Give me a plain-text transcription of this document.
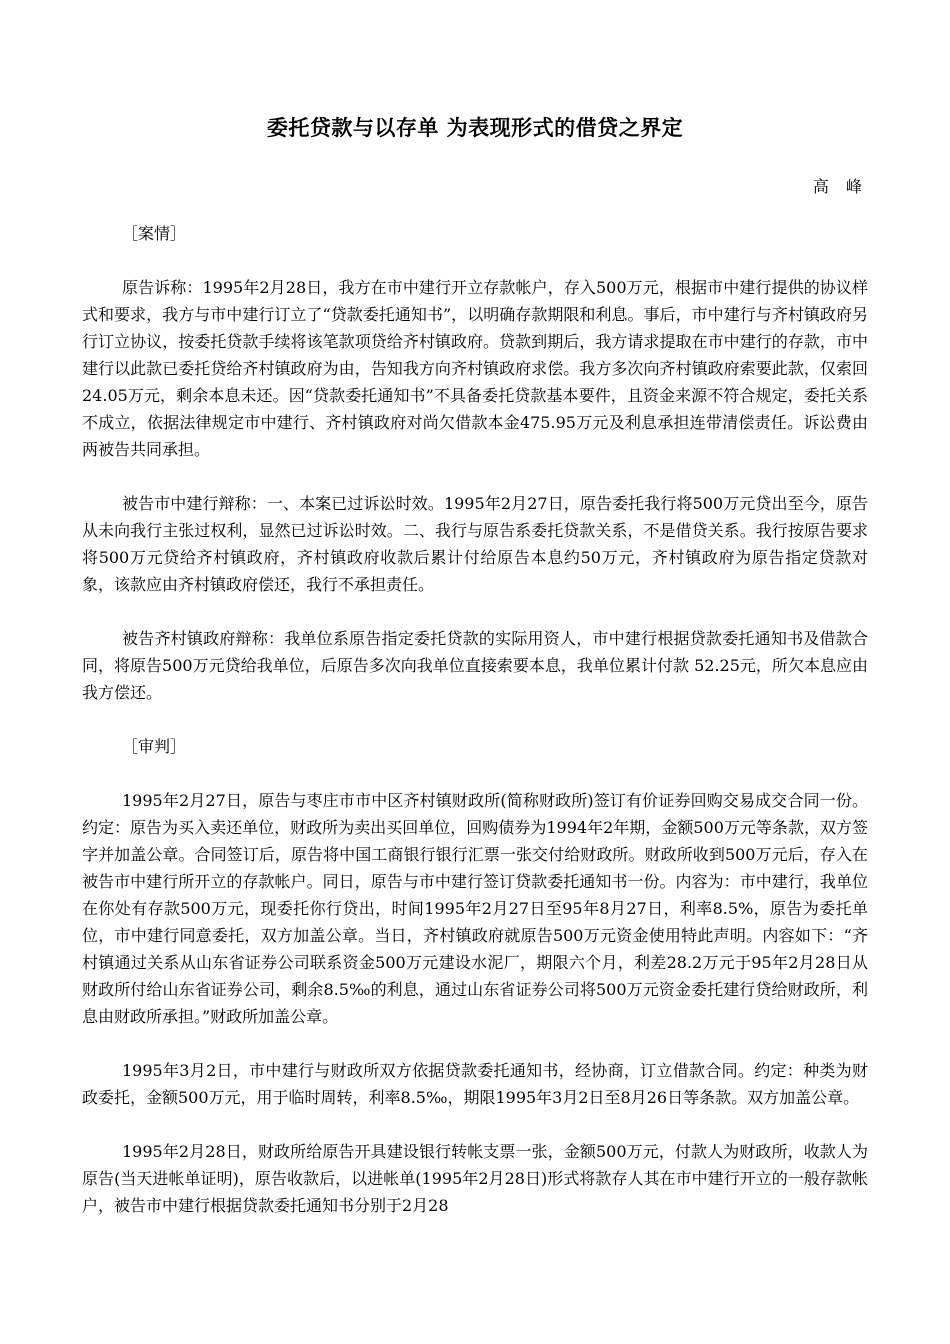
委托贷款与以存单 为表现形式的借贷之界定

高 峰

［案情］

原告诉称：1995年2月28日，我方在市中建行开立存款帐户，存入500万元，根据市中建行提供的协议样式和要求，我方与市中建行订立了“贷款委托通知书”，以明确存款期限和利息。事后，市中建行与齐村镇政府另行订立协议，按委托贷款手续将该笔款项贷给齐村镇政府。贷款到期后，我方请求提取在市中建行的存款，市中建行以此款已委托贷给齐村镇政府为由，告知我方向齐村镇政府求偿。我方多次向齐村镇政府索要此款，仅索回24.05万元，剩余本息未还。因“贷款委托通知书”不具备委托贷款基本要件，且资金来源不符合规定，委托关系不成立，依据法律规定市中建行、齐村镇政府对尚欠借款本金475.95万元及利息承担连带清偿责任。诉讼费由两被告共同承担。

被告市中建行辩称：一、本案已过诉讼时效。1995年2月27日，原告委托我行将500万元贷出至今，原告从未向我行主张过权利，显然已过诉讼时效。二、我行与原告系委托贷款关系，不是借贷关系。我行按原告要求将500万元贷给齐村镇政府，齐村镇政府收款后累计付给原告本息约50万元，齐村镇政府为原告指定贷款对象，该款应由齐村镇政府偿还，我行不承担责任。

被告齐村镇政府辩称：我单位系原告指定委托贷款的实际用资人，市中建行根据贷款委托通知书及借款合同，将原告500万元贷给我单位，后原告多次向我单位直接索要本息，我单位累计付款 52.25元，所欠本息应由我方偿还。

［审判］

1995年2月27日，原告与枣庄市市中区齐村镇财政所(简称财政所)签订有价证券回购交易成交合同一份。约定：原告为买入卖还单位，财政所为卖出买回单位，回购债券为1994年2年期，金额500万元等条款，双方签字并加盖公章。合同签订后，原告将中国工商银行银行汇票一张交付给财政所。财政所收到500万元后，存入在被告市中建行所开立的存款帐户。同日，原告与市中建行签订贷款委托通知书一份。内容为：市中建行，我单位在你处有存款500万元，现委托你行贷出，时间1995年2月27日至95年8月27日，利率8.5%，原告为委托单位，市中建行同意委托，双方加盖公章。当日，齐村镇政府就原告500万元资金使用特此声明。内容如下：“齐村镇通过关系从山东省证券公司联系资金500万元建设水泥厂，期限六个月，利差28.2万元于95年2月28日从财政所付给山东省证券公司，剩余8.5‰的利息，通过山东省证券公司将500万元资金委托建行贷给财政所，利息由财政所承担。”财政所加盖公章。

1995年3月2日，市中建行与财政所双方依据贷款委托通知书，经协商，订立借款合同。约定：种类为财政委托，金额500万元，用于临时周转，利率8.5‰，期限1995年3月2日至8月26日等条款。双方加盖公章。

1995年2月28日，财政所给原告开具建设银行转帐支票一张，金额500万元，付款人为财政所，收款人为原告(当天进帐单证明)，原告收款后，以进帐单(1995年2月28日)形式将款存人其在市中建行开立的一般存款帐户，被告市中建行根据贷款委托通知书分别于2月28
